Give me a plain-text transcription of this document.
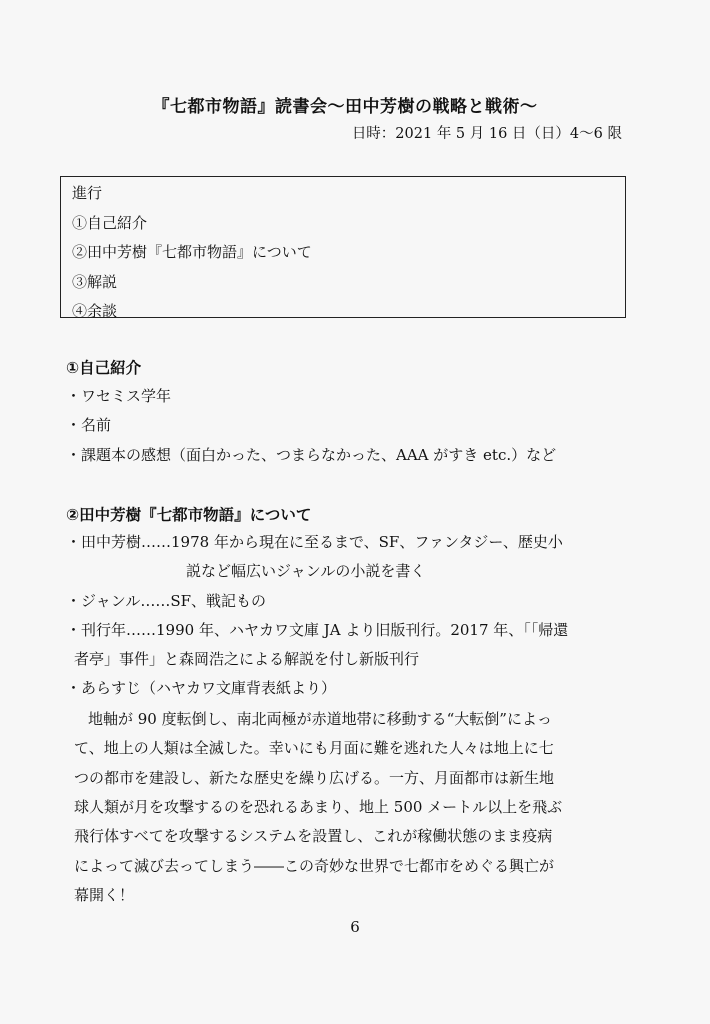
『七都市物語』読書会～田中芳樹の戦略と戦術～
日時：2021 年 5 月 16 日（日）4～6 限
進行
①自己紹介
②田中芳樹『七都市物語』について
③解説
④余談
①自己紹介
・ワセミス学年
・名前
・課題本の感想（面白かった、つまらなかった、AAA がすき etc.）など
②田中芳樹『七都市物語』について
・田中芳樹……1978 年から現在に至るまで、SF、ファンタジー、歴史小
説など幅広いジャンルの小説を書く
・ジャンル……SF、戦記もの
・刊行年……1990 年、ハヤカワ文庫 JA より旧版刊行。2017 年、「「帰還
者亭」事件」と森岡浩之による解説を付し新版刊行
・あらすじ（ハヤカワ文庫背表紙より）
地軸が 90 度転倒し、南北両極が赤道地帯に移動する“大転倒”によっ
て、地上の人類は全滅した。幸いにも月面に難を逃れた人々は地上に七
つの都市を建設し、新たな歴史を繰り広げる。一方、月面都市は新生地
球人類が月を攻撃するのを恐れるあまり、地上 500 メートル以上を飛ぶ
飛行体すべてを攻撃するシステムを設置し、これが稼働状態のまま疫病
によって滅び去ってしまう――この奇妙な世界で七都市をめぐる興亡が
幕開く！
6
